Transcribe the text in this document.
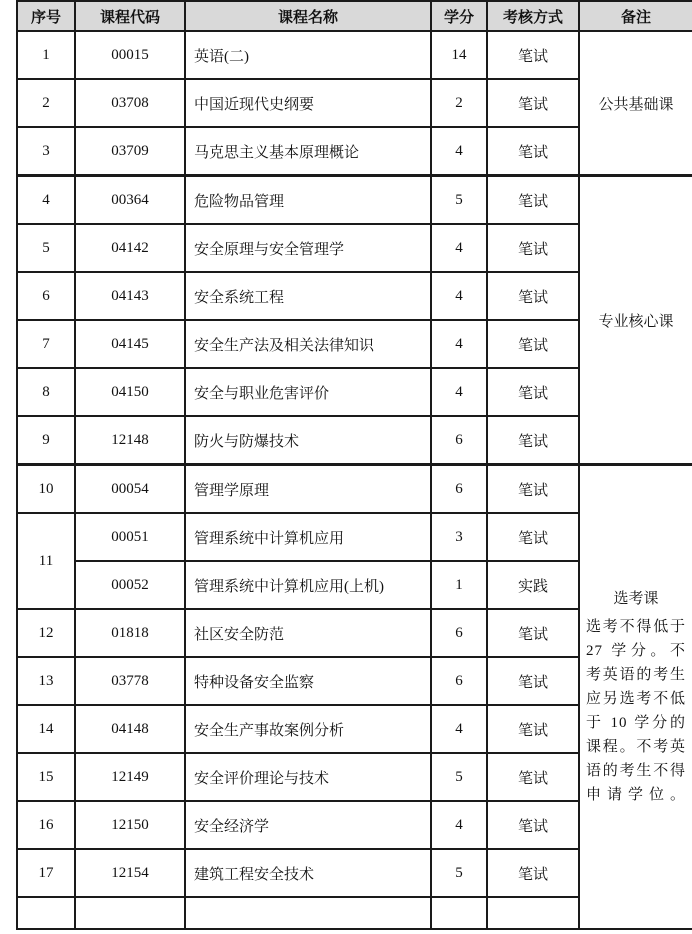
序号	课程代码	课程名称	学分	考核方式	备注
1	00015	英语(二)	14	笔试	公共基础课
2	03708	中国近现代史纲要	2	笔试	
3	03709	马克思主义基本原理概论	4	笔试	
4	00364	危险物品管理	5	笔试	专业核心课
5	04142	安全原理与安全管理学	4	笔试	
6	04143	安全系统工程	4	笔试	
7	04145	安全生产法及相关法律知识	4	笔试	
8	04150	安全与职业危害评价	4	笔试	
9	12148	防火与防爆技术	6	笔试	
10	00054	管理学原理	6	笔试	选考课
选考不得低于 27 学分。不考英语的考生应另选考不低于 10 学分的课程。不考英语的考生不得申请学位。

11	00051	管理系统中计算机应用	3	笔试	
	00052	管理系统中计算机应用(上机)	1	实践	
12	01818	社区安全防范	6	笔试	
13	03778	特种设备安全监察	6	笔试	
14	04148	安全生产事故案例分析	4	笔试	
15	12149	安全评价理论与技术	5	笔试	
16	12150	安全经济学	4	笔试	
17	12154	建筑工程安全技术	5	笔试	
